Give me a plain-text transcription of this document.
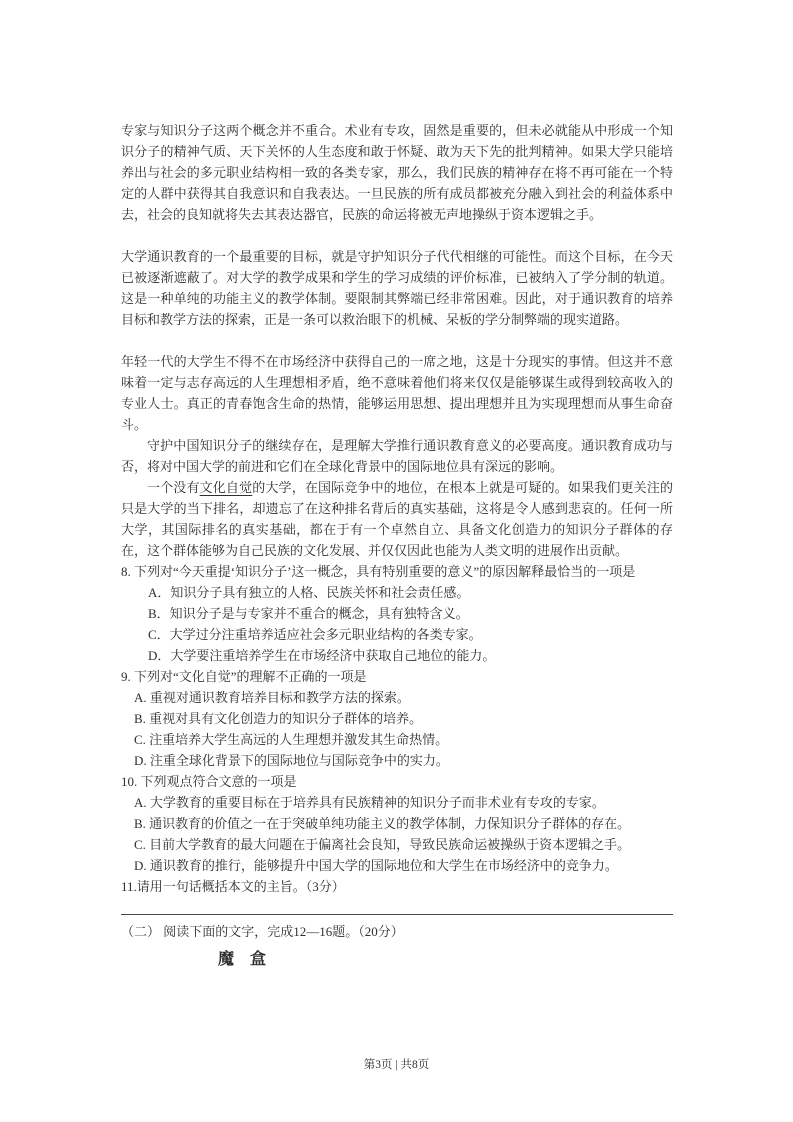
专家与知识分子这两个概念并不重合。术业有专攻，固然是重要的，但未必就能从中形成一个知识分子的精神气质、天下关怀的人生态度和敢于怀疑、敢为天下先的批判精神。如果大学只能培养出与社会的多元职业结构相一致的各类专家，那么，我们民族的精神存在将不再可能在一个特定的人群中获得其自我意识和自我表达。一旦民族的所有成员都被充分融入到社会的利益体系中去，社会的良知就将失去其表达器官，民族的命运将被无声地操纵于资本逻辑之手。

大学通识教育的一个最重要的目标，就是守护知识分子代代相继的可能性。而这个目标，在今天已被逐渐遮蔽了。对大学的教学成果和学生的学习成绩的评价标准，已被纳入了学分制的轨道。这是一种单纯的功能主义的教学体制。要限制其弊端已经非常困难。因此，对于通识教育的培养目标和教学方法的探索，正是一条可以救治眼下的机械、呆板的学分制弊端的现实道路。

年轻一代的大学生不得不在市场经济中获得自己的一席之地，这是十分现实的事情。但这并不意味着一定与志存高远的人生理想相矛盾，绝不意味着他们将来仅仅是能够谋生或得到较高收入的专业人士。真正的青春饱含生命的热情，能够运用思想、提出理想并且为实现理想而从事生命奋斗。

守护中国知识分子的继续存在，是理解大学推行通识教育意义的必要高度。通识教育成功与否，将对中国大学的前进和它们在全球化背景中的国际地位具有深远的影响。

一个没有文化自觉的大学，在国际竞争中的地位，在根本上就是可疑的。如果我们更关注的只是大学的当下排名，却遗忘了在这种排名背后的真实基础，这将是令人感到悲哀的。任何一所大学，其国际排名的真实基础，都在于有一个卓然自立、具备文化创造力的知识分子群体的存在，这个群体能够为自己民族的文化发展、并仅仅因此也能为人类文明的进展作出贡献。

8. 下列对“今天重提‘知识分子’这一概念，具有特别重要的意义”的原因解释最恰当的一项是
A．知识分子具有独立的人格、民族关怀和社会责任感。
B．知识分子是与专家并不重合的概念，具有独特含义。
C．大学过分注重培养适应社会多元职业结构的各类专家。
D．大学要注重培养学生在市场经济中获取自己地位的能力。
9. 下列对“文化自觉”的理解不正确的一项是
A. 重视对通识教育培养目标和教学方法的探索。
B. 重视对具有文化创造力的知识分子群体的培养。
C. 注重培养大学生高远的人生理想并激发其生命热情。
D. 注重全球化背景下的国际地位与国际竞争中的实力。
10. 下列观点符合文意的一项是
A. 大学教育的重要目标在于培养具有民族精神的知识分子而非术业有专攻的专家。
B. 通识教育的价值之一在于突破单纯功能主义的教学体制，力保知识分子群体的存在。
C. 目前大学教育的最大问题在于偏离社会良知，导致民族命运被操纵于资本逻辑之手。
D. 通识教育的推行，能够提升中国大学的国际地位和大学生在市场经济中的竞争力。
11.请用一句话概括本文的主旨。（3分）

（二） 阅读下面的文字，完成12—16题。（20分）

魔　盒
第3页 | 共8页
